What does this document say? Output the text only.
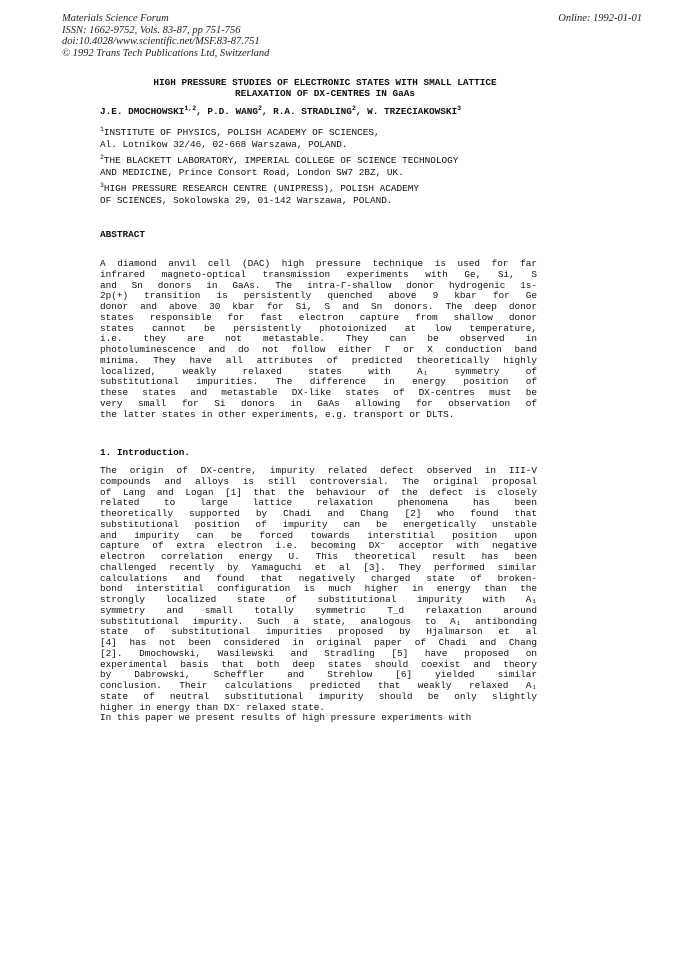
Materials Science Forum
ISSN: 1662-9752, Vols. 83-87, pp 751-756
doi:10.4028/www.scientific.net/MSF.83-87.751
© 1992 Trans Tech Publications Ltd, Switzerland
Online: 1992-01-01
HIGH PRESSURE STUDIES OF ELECTRONIC STATES WITH SMALL LATTICE
RELAXATION OF DX-CENTRES IN GaAs
J.E. DMOCHOWSKI$^{1,2}$, P.D. WANG$^2$, R.A. STRADLING$^2$, W. TRZECIAKOWSKI$^3$
$^1$INSTITUTE OF PHYSICS, POLISH ACADEMY OF SCIENCES,
Al. Lotnikow 32/46, 02-668 Warszawa, POLAND.
$^2$THE BLACKETT LABORATORY, IMPERIAL COLLEGE OF SCIENCE TECHNOLOGY
AND MEDICINE, Prince Consort Road, London SW7 2BZ, UK.
$^3$HIGH PRESSURE RESEARCH CENTRE (UNIPRESS), POLISH ACADEMY
OF SCIENCES, Sokolowska 29, 01-142 Warszawa, POLAND.
ABSTRACT
A diamond anvil cell (DAC) high pressure technique is used for far
infrared magneto-optical transmission experiments with Ge, Si, S
and Sn donors in GaAs. The intra-Γ-shallow donor hydrogenic 1s-
2p(+) transition is persistently quenched above 9 kbar for Ge
donor and above 30 kbar for Si, S and Sn donors. The deep donor
states responsible for fast electron capture from shallow donor
states cannot be persistently photoionized at low temperature,
i.e. they are not metastable. They can be observed in
photoluminescence and do not follow either Γ or X conduction band
minima. They have all attributes of predicted theoretically highly
localized, weakly relaxed states with A₁ symmetry of
substitutional impurities. The difference in energy position of
these states and metastable DX-like states of DX-centres must be
very small for Si donors in GaAs allowing for observation of
the latter states in other experiments, e.g. transport or DLTS.
1. Introduction.
The origin of DX-centre, impurity related defect observed in III-V
compounds and alloys is still controversial. The original proposal
of Lang and Logan [1] that the behaviour of the defect is closely
related to large lattice relaxation phenomena has been
theoretically supported by Chadi and Chang [2] who found that
substitutional position of impurity can be energetically unstable
and impurity can be forced towards interstitial position upon
capture of extra electron i.e. becoming DX⁻ acceptor with negative
electron correlation energy U. This theoretical result has been
challenged recently by Yamaguchi et al [3]. They performed similar
calculations and found that negatively charged state of broken-
bond interstitial configuration is much higher in energy than the
strongly localized state of substitutional impurity with A₁
symmetry and small totally symmetric T_d relaxation around
substitutional impurity. Such a state, analogous to A₁ antibonding
state of substitutional impurities proposed by Hjalmarson et al
[4] has not been considered in original paper of Chadi and Chang
[2]. Dmochowski, Wasilewski and Stradling [5] have proposed on
experimental basis that both deep states should coexist and theory
by Dabrowski, Scheffler and Strehlow [6] yielded similar
conclusion. Their calculations predicted that weakly relaxed A₁
state of neutral substitutional impurity should be only slightly
higher in energy than DX⁻ relaxed state.
In this paper we present results of high pressure experiments with
